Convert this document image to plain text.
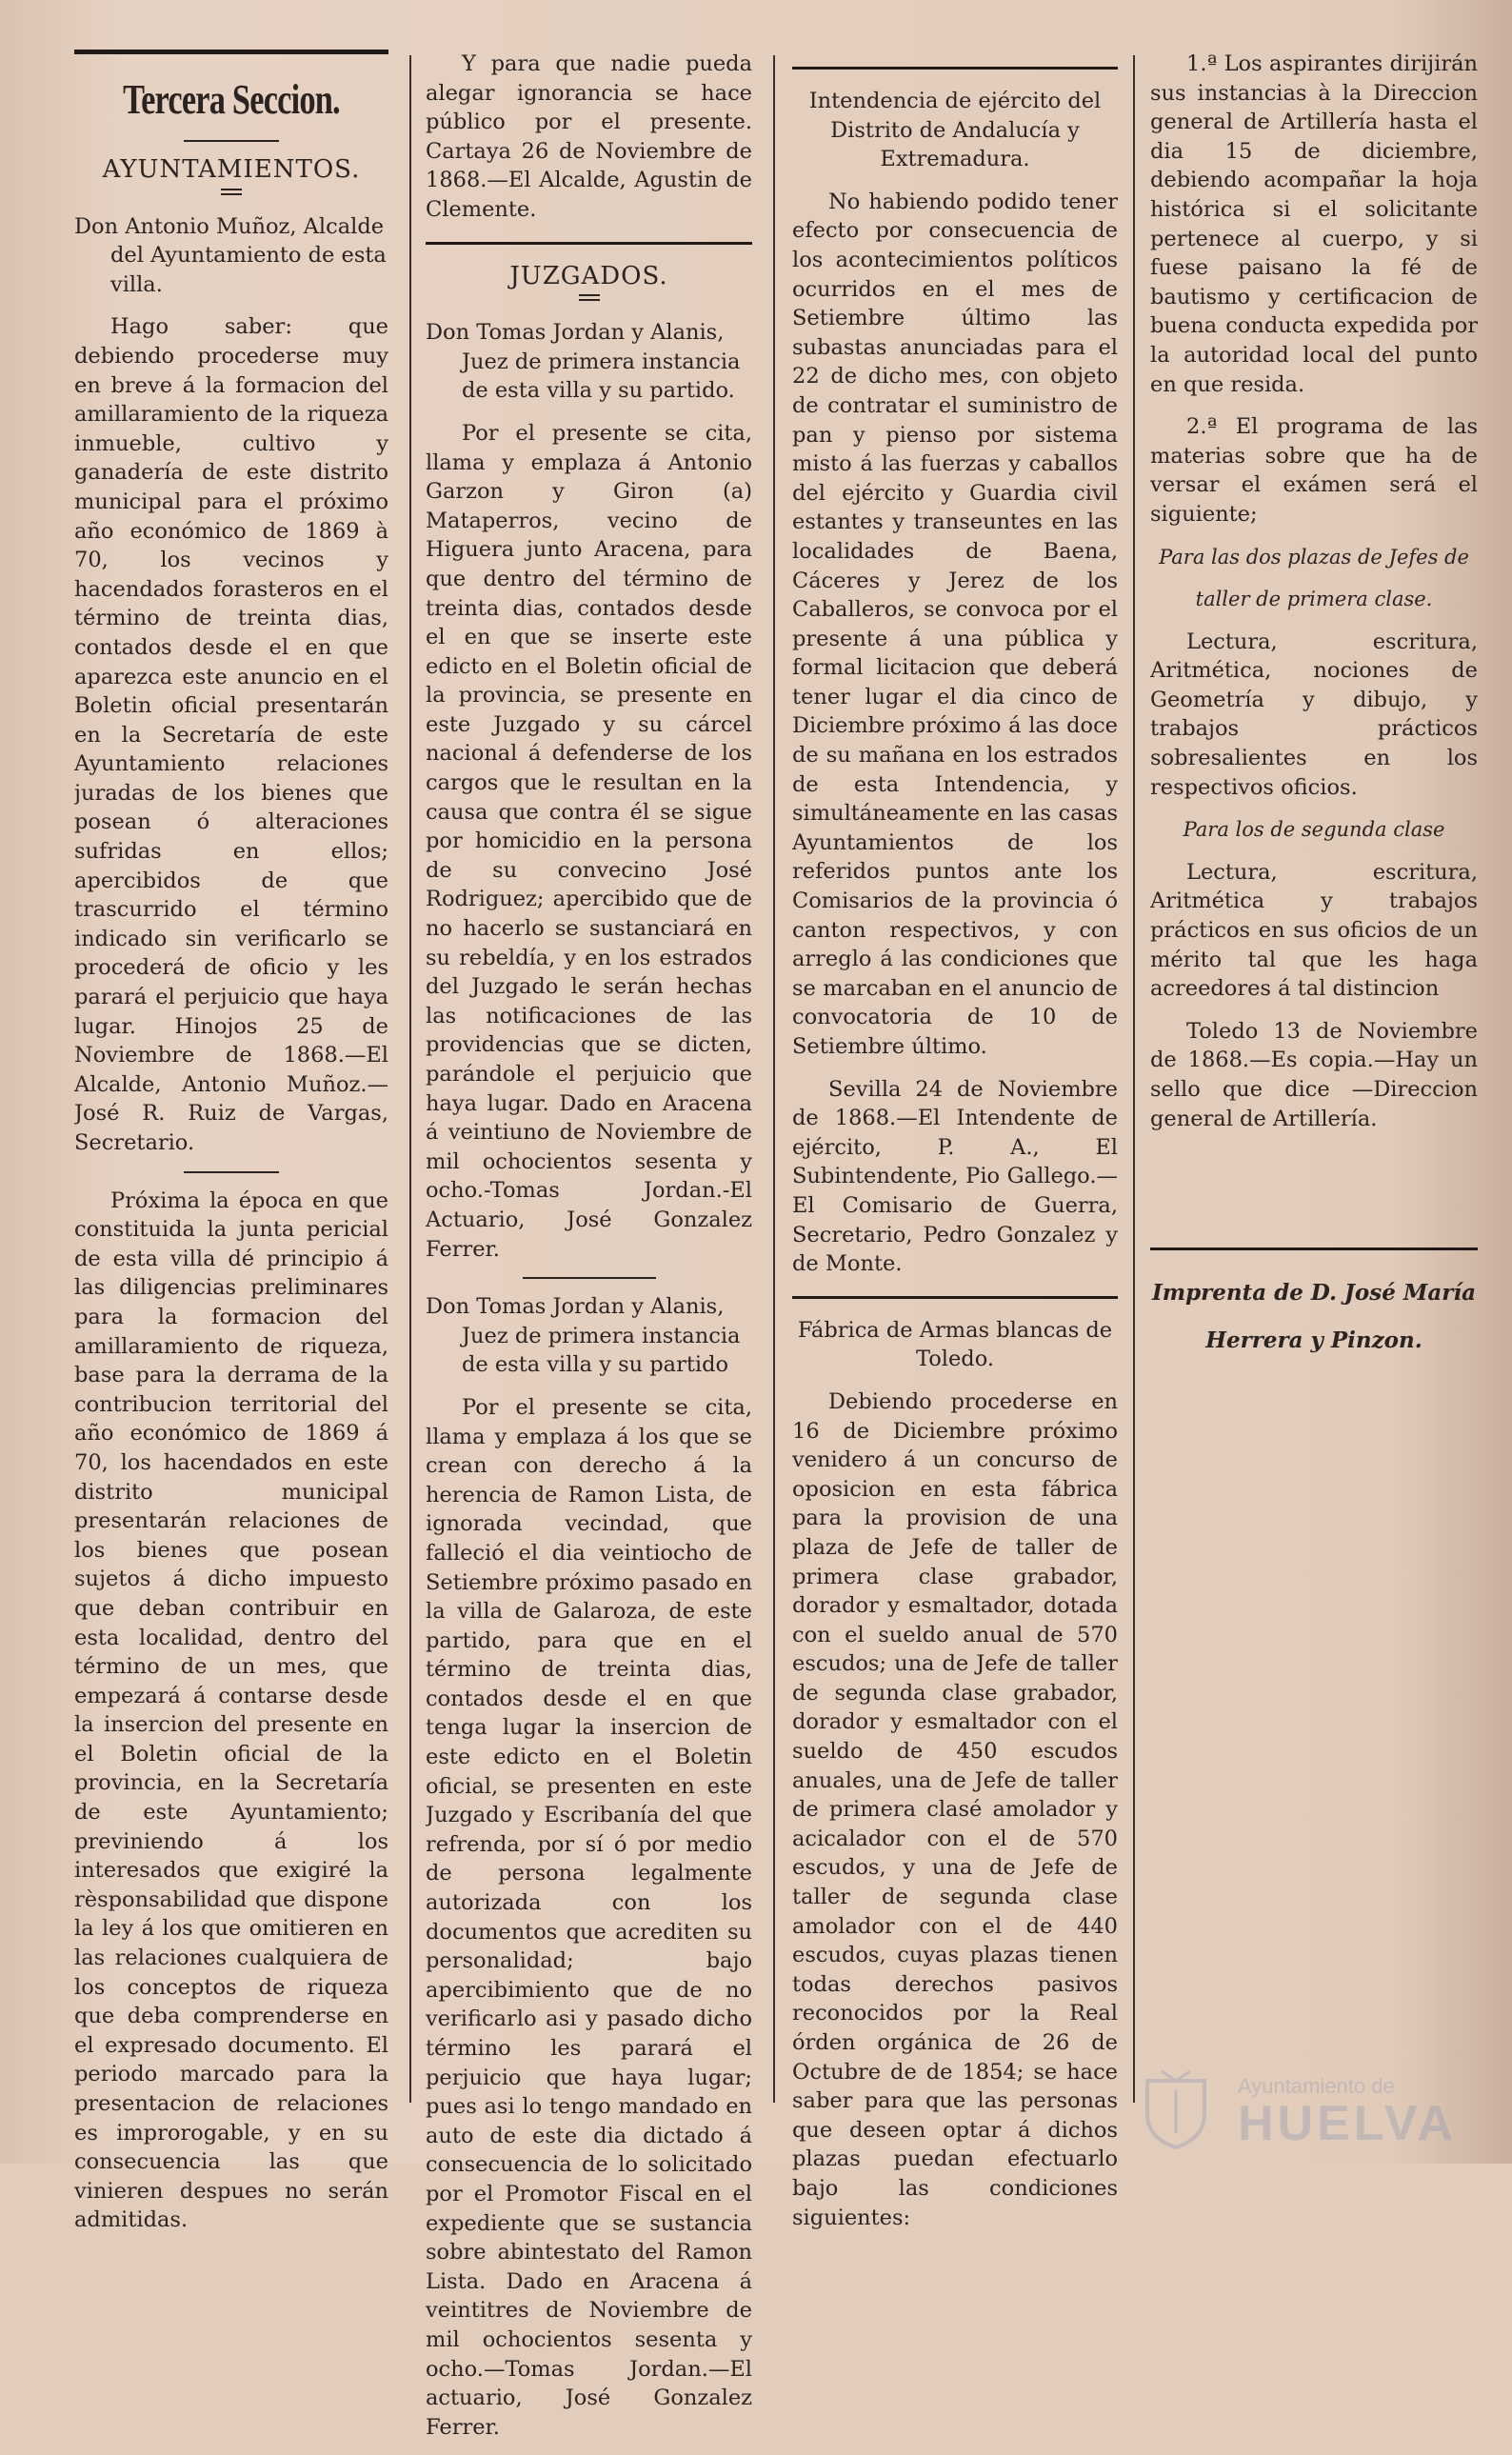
Tercera Seccion.
AYUNTAMIENTOS.
Don Antonio Muñoz, Alcalde del Ayuntamiento de esta villa.
Hago saber: que debiendo procederse muy en breve á la formacion del amillaramiento de la riqueza inmueble, cultivo y ganadería de este distrito municipal para el próximo año económico de 1869 à 70, los vecinos y hacendados forasteros en el término de treinta dias, contados desde el en que aparezca este anuncio en el Boletin oficial presentarán en la Secretaría de este Ayuntamiento relaciones juradas de los bienes que posean ó alteraciones sufridas en ellos; apercibidos de que trascurrido el término indicado sin verificarlo se procederá de oficio y les parará el perjuicio que haya lugar. Hinojos 25 de Noviembre de 1868.—El Alcalde, Antonio Muñoz.—José R. Ruiz de Vargas, Secretario.
Próxima la época en que constituida la junta pericial de esta villa dé principio á las diligencias preliminares para la formacion del amillaramiento de riqueza, base para la derrama de la contribucion territorial del año económico de 1869 á 70, los hacendados en este distrito municipal presentarán relaciones de los bienes que posean sujetos á dicho impuesto que deban contribuir en esta localidad, dentro del término de un mes, que empezará á contarse desde la insercion del presente en el Boletin oficial de la provincia, en la Secretaría de este Ayuntamiento; previniendo á los interesados que exigiré la rèsponsabilidad que dispone la ley á los que omitieren en las relaciones cualquiera de los conceptos de riqueza que deba comprenderse en el expresado documento. El periodo marcado para la presentacion de relaciones es improrogable, y en su consecuencia las que vinieren despues no serán admitidas.
Y para que nadie pueda alegar ignorancia se hace público por el presente. Cartaya 26 de Noviembre de 1868.—El Alcalde, Agustin de Clemente.
JUZGADOS.
Don Tomas Jordan y Alanis, Juez de primera instancia de esta villa y su partido.
Por el presente se cita, llama y emplaza á Antonio Garzon y Giron (a) Mataperros, vecino de Higuera junto Aracena, para que dentro del término de treinta dias, contados desde el en que se inserte este edicto en el Boletin oficial de la provincia, se presente en este Juzgado y su cárcel nacional á defenderse de los cargos que le resultan en la causa que contra él se sigue por homicidio en la persona de su convecino José Rodriguez; apercibido que de no hacerlo se sustanciará en su rebeldía, y en los estrados del Juzgado le serán hechas las notificaciones de las providencias que se dicten, parándole el perjuicio que haya lugar. Dado en Aracena á veintiuno de Noviembre de mil ochocientos sesenta y ocho.-Tomas Jordan.-El Actuario, José Gonzalez Ferrer.
Don Tomas Jordan y Alanis, Juez de primera instancia de esta villa y su partido
Por el presente se cita, llama y emplaza á los que se crean con derecho á la herencia de Ramon Lista, de ignorada vecindad, que falleció el dia veintiocho de Setiembre próximo pasado en la villa de Galaroza, de este partido, para que en el término de treinta dias, contados desde el en que tenga lugar la insercion de este edicto en el Boletin oficial, se presenten en este Juzgado y Escribanía del que refrenda, por sí ó por medio de persona legalmente autorizada con los documentos que acrediten su personalidad; bajo apercibimiento que de no verificarlo asi y pasado dicho término les parará el perjuicio que haya lugar; pues asi lo tengo mandado en auto de este dia dictado á consecuencia de lo solicitado por el Promotor Fiscal en el expediente que se sustancia sobre abintestato del Ramon Lista. Dado en Aracena á veintitres de Noviembre de mil ochocientos sesenta y ocho.—Tomas Jordan.—El actuario, José Gonzalez Ferrer.
Intendencia de ejército del Distrito de Andalucía y Extremadura.
No habiendo podido tener efecto por consecuencia de los acontecimientos políticos ocurridos en el mes de Setiembre último las subastas anunciadas para el 22 de dicho mes, con objeto de contratar el suministro de pan y pienso por sistema misto á las fuerzas y caballos del ejército y Guardia civil estantes y transeuntes en las localidades de Baena, Cáceres y Jerez de los Caballeros, se convoca por el presente á una pública y formal licitacion que deberá tener lugar el dia cinco de Diciembre próximo á las doce de su mañana en los estrados de esta Intendencia, y simultáneamente en las casas Ayuntamientos de los referidos puntos ante los Comisarios de la provincia ó canton respectivos, y con arreglo á las condiciones que se marcaban en el anuncio de convocatoria de 10 de Setiembre último.
Sevilla 24 de Noviembre de 1868.—El Intendente de ejército, P. A., El Subintendente, Pio Gallego.—El Comisario de Guerra, Secretario, Pedro Gonzalez y de Monte.
Fábrica de Armas blancas de Toledo.
Debiendo procederse en 16 de Diciembre próximo venidero á un concurso de oposicion en esta fábrica para la provision de una plaza de Jefe de taller de primera clase grabador, dorador y esmaltador, dotada con el sueldo anual de 570 escudos; una de Jefe de taller de segunda clase grabador, dorador y esmaltador con el sueldo de 450 escudos anuales, una de Jefe de taller de primera clasé amolador y acicalador con el de 570 escudos, y una de Jefe de taller de segunda clase amolador con el de 440 escudos, cuyas plazas tienen todas derechos pasivos reconocidos por la Real órden orgánica de 26 de Octubre de de 1854; se hace saber para que las personas que deseen optar á dichos plazas puedan efectuarlo bajo las condiciones siguientes:
1.ª Los aspirantes dirijirán sus instancias à la Direccion general de Artillería hasta el dia 15 de diciembre, debiendo acompañar la hoja histórica si el solicitante pertenece al cuerpo, y si fuese paisano la fé de bautismo y certificacion de buena conducta expedida por la autoridad local del punto en que resida.
2.ª El programa de las materias sobre que ha de versar el exámen será el siguiente;
Para las dos plazas de Jefes de
taller de primera clase.
Lectura, escritura, Aritmética, nociones de Geometría y dibujo, y trabajos prácticos sobresalientes en los respectivos oficios.
Para los de segunda clase
Lectura, escritura, Aritmética y trabajos prácticos en sus oficios de un mérito tal que les haga acreedores á tal distincion
Toledo 13 de Noviembre de 1868.—Es copia.—Hay un sello que dice —Direccion general de Artillería.
Imprenta de D. José María
Herrera y Pinzon.
Ayuntamiento de
HUELVA
